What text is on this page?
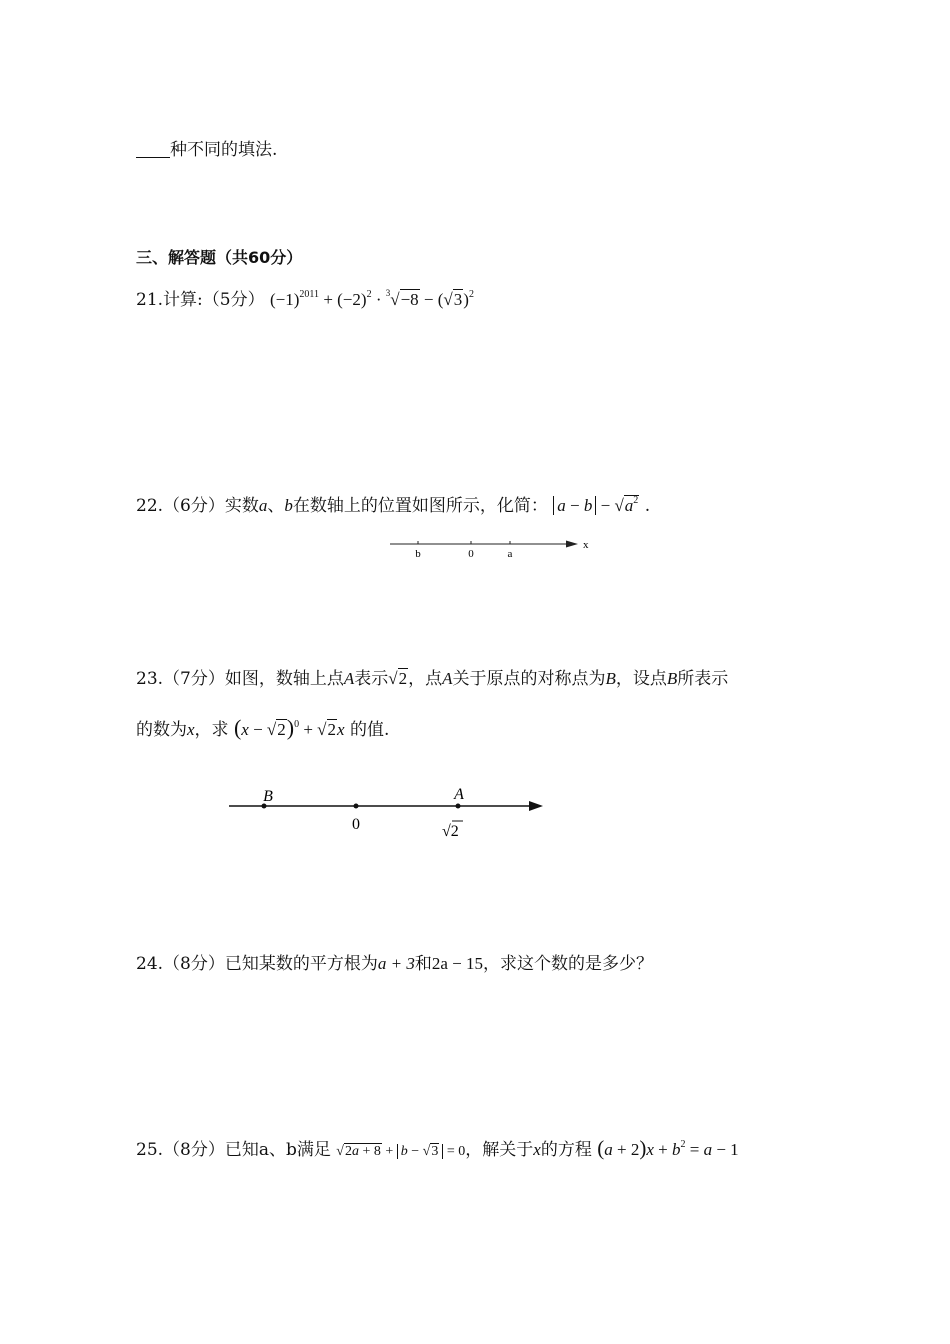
种不同的填法.
三、解答题（共60分）
21.计算:（5分） $(-1)^{2011} + (-2)^2 \cdot ^3√-8 - (√3)^2$
22.（6分）实数a、b在数轴上的位置如图所示，化简： $a - b - √a^2$ .
b	0	a
x
23.（7分）如图，数轴上点A表示√2，点A关于原点的对称点为B，设点B所表示
的数为x，求 $(x - √2)^0 + √2x$ 的值.
B
0
A
√2
24.（8分）已知某数的平方根为a + 3和2a − 15，求这个数的是多少？
25.（8分）已知a、b满足 √2a + 8 + b − √3 = 0，解关于x的方程 $(a + 2)x + b^2 = a - 1$
